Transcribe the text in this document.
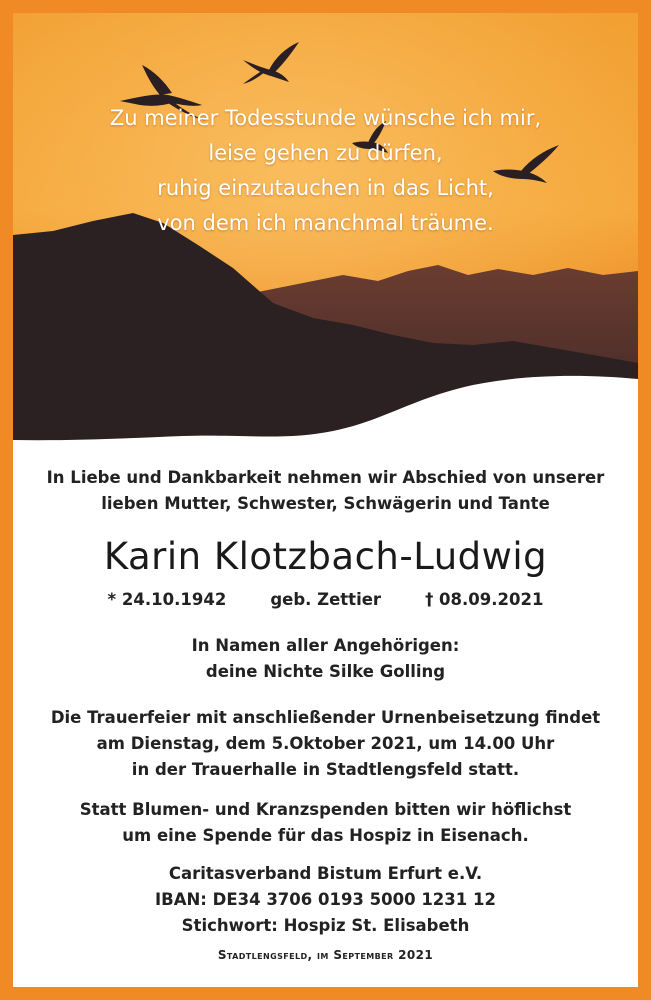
Zu meiner Todesstunde wünsche ich mir,
leise gehen zu dürfen,
ruhig einzutauchen in das Licht,
von dem ich manchmal träume.
In Liebe und Dankbarkeit nehmen wir Abschied von unserer
lieben Mutter, Schwester, Schwägerin und Tante
Karin Klotzbach-Ludwig
* 24.10.1942	geb. Zettier	† 08.09.2021
In Namen aller Angehörigen:
deine Nichte Silke Golling
Die Trauerfeier mit anschließender Urnenbeisetzung findet
am Dienstag, dem 5.Oktober 2021, um 14.00 Uhr
in der Trauerhalle in Stadtlengsfeld statt.
Statt Blumen- und Kranzspenden bitten wir höflichst
um eine Spende für das Hospiz in Eisenach.
Caritasverband Bistum Erfurt e.V.
IBAN: DE34 3706 0193 5000 1231 12
Stichwort: Hospiz St. Elisabeth
Stadtlengsfeld, im September 2021
